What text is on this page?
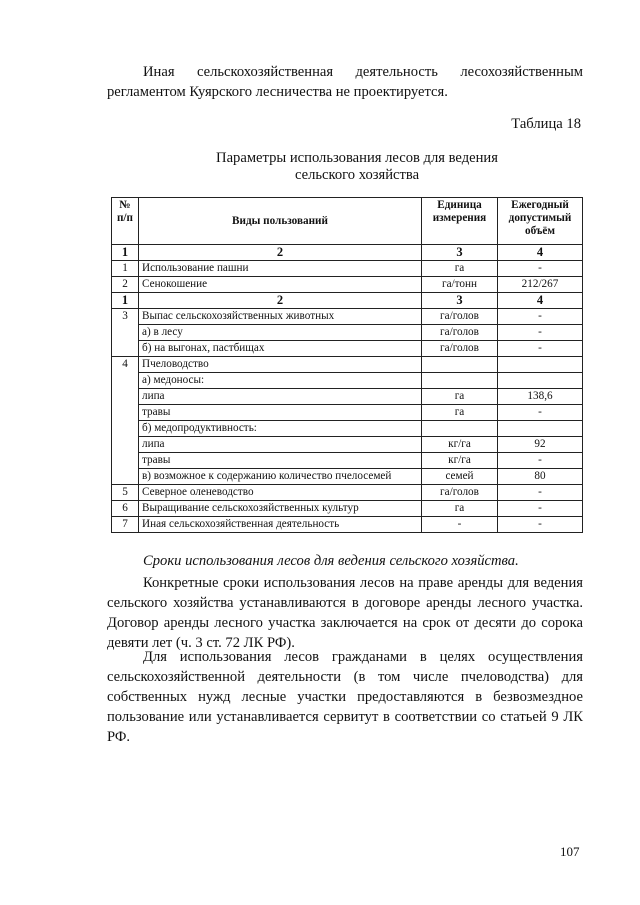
Иная сельскохозяйственная деятельность лесохозяйственным регламентом Куярского лесничества не проектируется.

Таблица 18
Параметры использования лесов для ведения
сельского хозяйства
№ п/п	Виды пользований	Единица измерения	Ежегодный допустимый объём
1	2	3	4
1	Использование пашни	га	-
2	Сенокошение	га/тонн	212/267
1	2	3	4
3	Выпас сельскохозяйственных животных	га/голов	-
	а) в лесу	га/голов	-
	б) на выгонах, пастбищах	га/голов	-
4	Пчеловодство		
	а) медоносы:		
	липа	га	138,6
	травы	га	-
	б) медопродуктивность:		
	липа	кг/га	92
	травы	кг/га	-
	в) возможное к содержанию количество пчелосемей	семей	80
5	Северное оленеводство	га/голов	-
6	Выращивание сельскохозяйственных культур	га	-
7	Иная сельскохозяйственная деятельность	-	-
Сроки использования лесов для ведения сельского хозяйства.

Конкретные сроки использования лесов на праве аренды для ведения сельского хозяйства устанавливаются в договоре аренды лесного участка. Договор аренды лесного участка заключается на срок от десяти до сорока девяти лет (ч. 3 ст. 72 ЛК РФ).

Для использования лесов гражданами в целях осуществления сельскохозяйственной деятельности (в том числе пчеловодства) для собственных нужд лесные участки предоставляются в безвозмездное пользование или устанавливается сервитут в соответствии со статьей 9 ЛК РФ.

107
